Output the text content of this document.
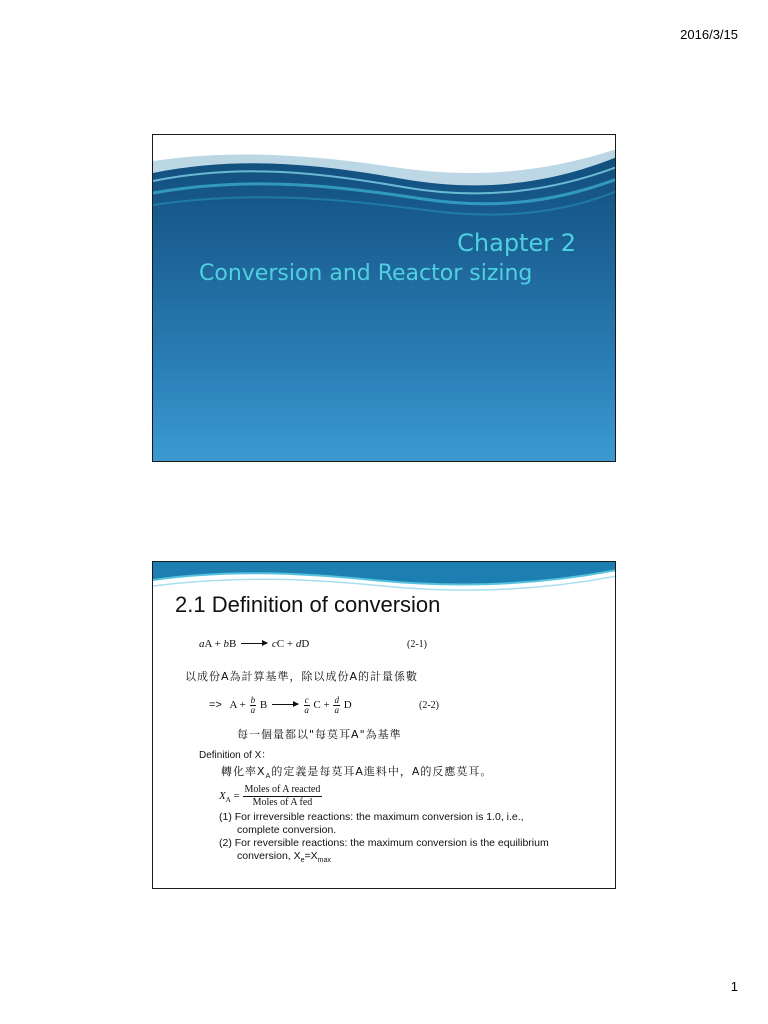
2016/3/15
Chapter 2
Conversion and Reactor sizing
2.1 Definition of conversion
aA + bB	cC + dD	(2-1)
以成份A為計算基準，除以成份A的計量係數
=> $A + \frac{b}{a}$ B	$\frac{c}{a}$ $C + \frac{d}{a}$ D	(2-2)
每一個量都以"每莫耳A"為基準
Definition of X：
轉化率$X_A$的定義是每莫耳A進料中，A的反應莫耳。
$X_A$ =
Moles of A reacted
Moles of A fed
(1) For irreversible reactions: the maximum conversion is 1.0, i.e.,
complete conversion.
(2) For reversible reactions: the maximum conversion is the equilibrium
conversion, $X_e=X_{max}$
1
